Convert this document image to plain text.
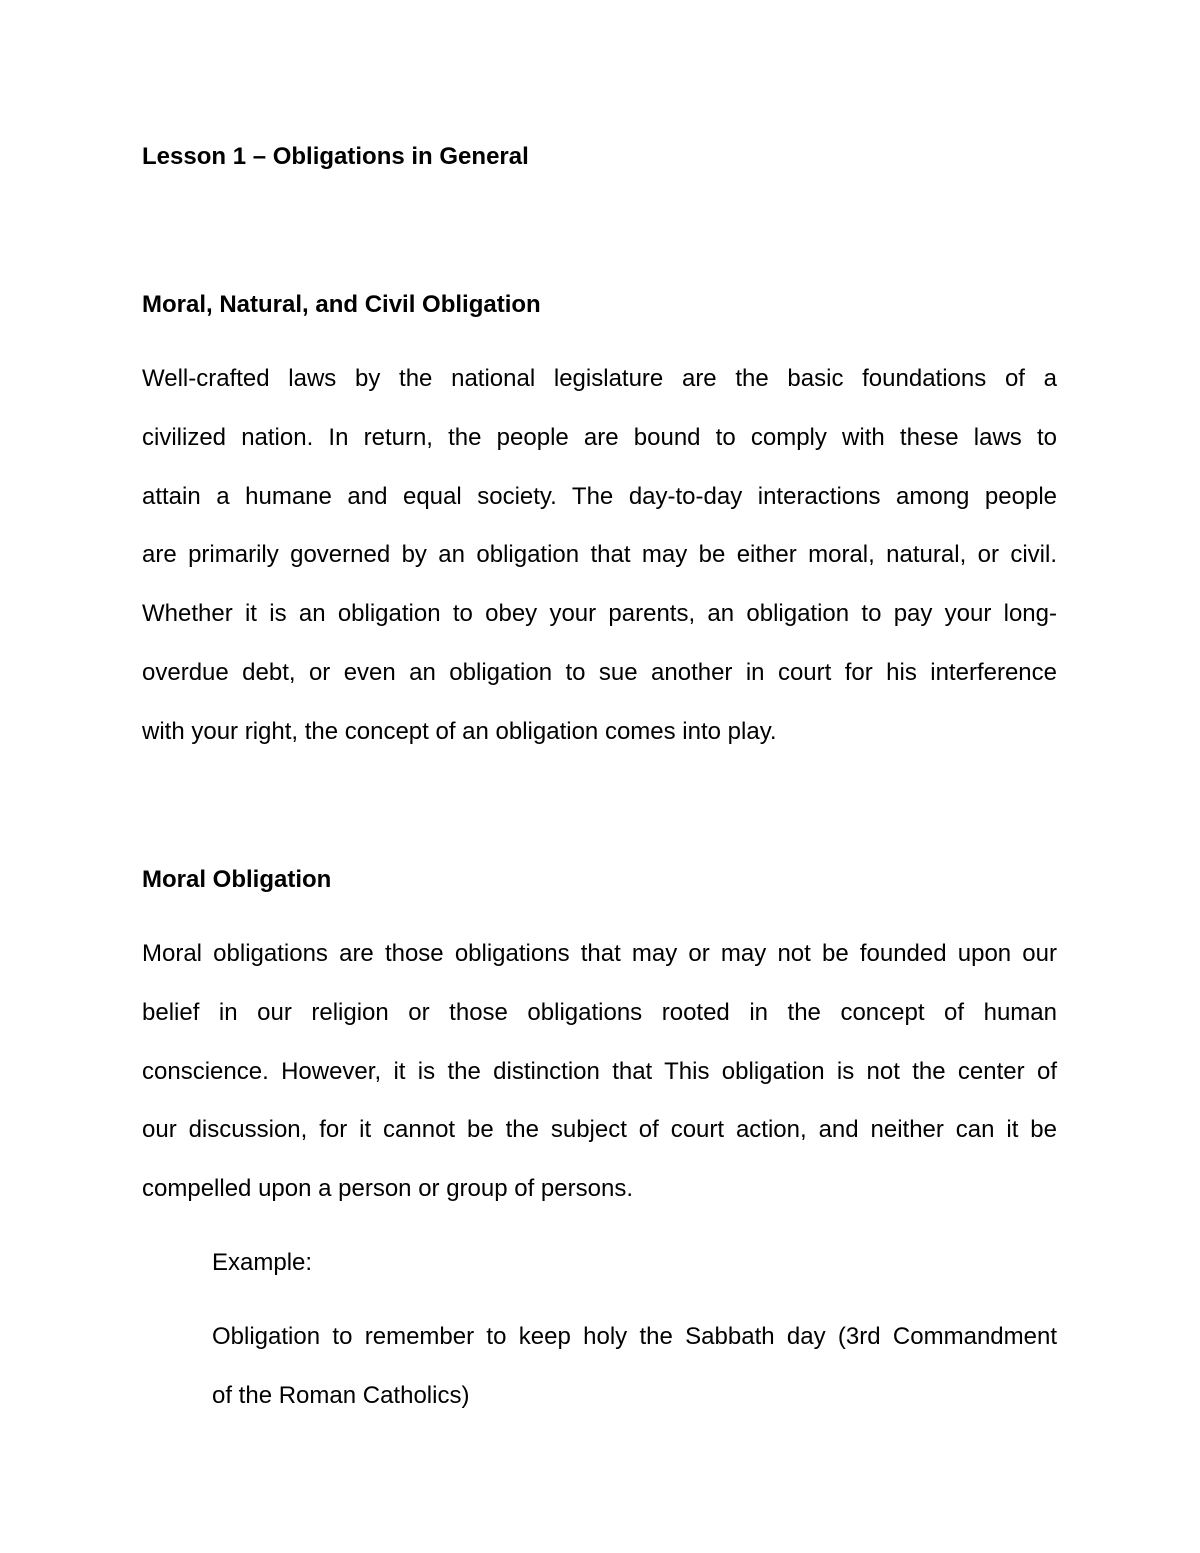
Lesson 1 – Obligations in General
Moral, Natural, and Civil Obligation

Well-crafted laws by the national legislature are the basic foundations of a
civilized nation. In return, the people are bound to comply with these laws to
attain a humane and equal society. The day-to-day interactions among people
are primarily governed by an obligation that may be either moral, natural, or civil.
Whether it is an obligation to obey your parents, an obligation to pay your long-
overdue debt, or even an obligation to sue another in court for his interference
with your right, the concept of an obligation comes into play.

Moral Obligation

Moral obligations are those obligations that may or may not be founded upon our
belief in our religion or those obligations rooted in the concept of human
conscience. However, it is the distinction that This obligation is not the center of
our discussion, for it cannot be the subject of court action, and neither can it be
compelled upon a person or group of persons.

Example:

Obligation to remember to keep holy the Sabbath day (3rd Commandment
of the Roman Catholics)
